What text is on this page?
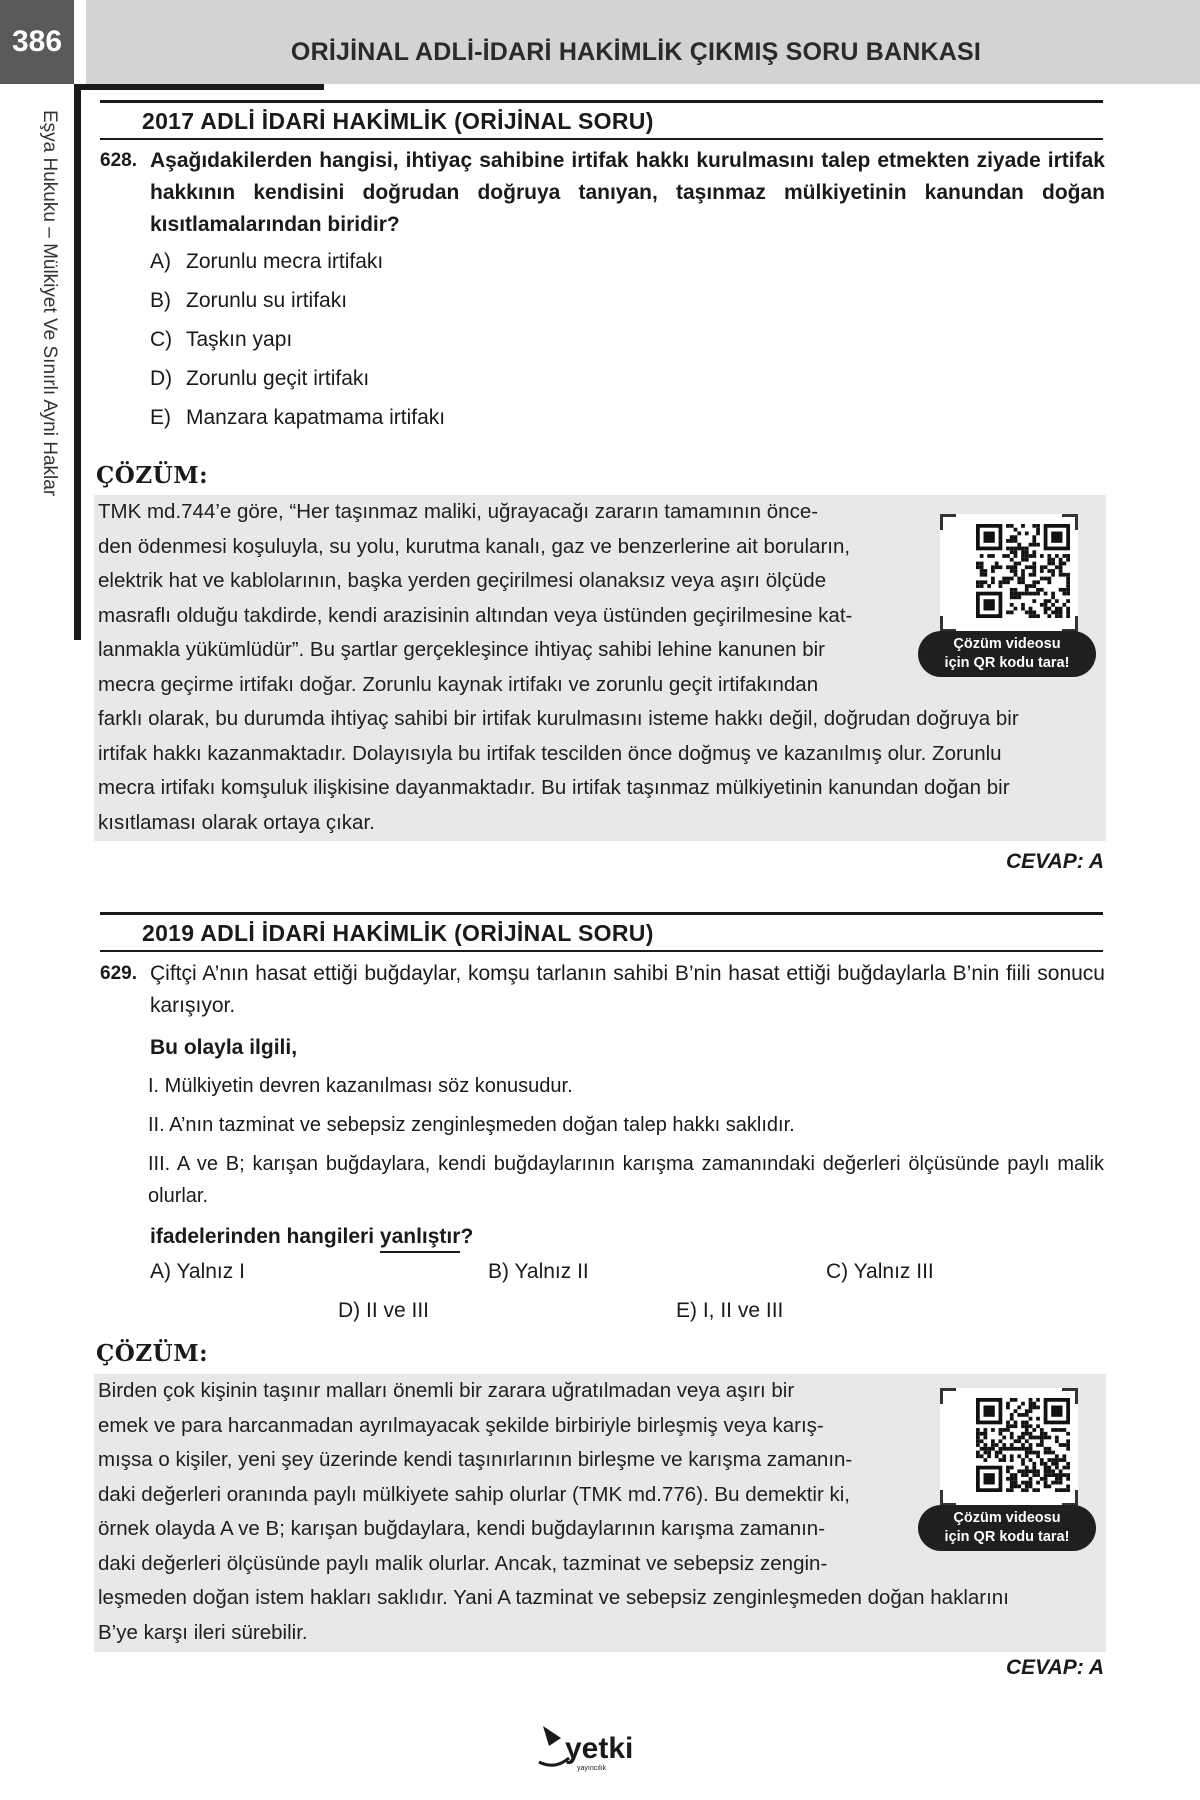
386	ORİJİNAL ADLİ-İDARİ HAKİMLİK ÇIKMIŞ SORU BANKASI
Eşya Hukuku – Mülkiyet Ve Sınırlı Ayni Haklar	2017 ADLİ İDARİ HAKİMLİK (ORİJİNAL SORU)
628. Aşağıdakilerden hangisi, ihtiyaç sahibine irtifak hakkı kurulmasını talep etmekten ziyade irtifak hakkının kendisini doğrudan doğruya tanıyan, taşınmaz mülkiyetinin kanundan doğan kısıtlamalarından biridir?
A) Zorunlu mecra irtifakı
B) Zorunlu su irtifakı
C) Taşkın yapı
D) Zorunlu geçit irtifakı
E) Manzara kapatmama irtifakı
ÇÖZÜM:
TMK md.744’e göre, “Her taşınmaz maliki, uğrayacağı zararın tamamının önce-
den ödenmesi koşuluyla, su yolu, kurutma kanalı, gaz ve benzerlerine ait boruların,
elektrik hat ve kablolarının, başka yerden geçirilmesi olanaksız veya aşırı ölçüde
masraflı olduğu takdirde, kendi arazisinin altından veya üstünden geçirilmesine kat-
lanmakla yükümlüdür”. Bu şartlar gerçekleşince ihtiyaç sahibi lehine kanunen bir
mecra geçirme irtifakı doğar. Zorunlu kaynak irtifakı ve zorunlu geçit irtifakından
farklı olarak, bu durumda ihtiyaç sahibi bir irtifak kurulmasını isteme hakkı değil, doğrudan doğruya bir
irtifak hakkı kazanmaktadır. Dolayısıyla bu irtifak tescilden önce doğmuş ve kazanılmış olur. Zorunlu
mecra irtifakı komşuluk ilişkisine dayanmaktadır. Bu irtifak taşınmaz mülkiyetinin kanundan doğan bir
kısıtlaması olarak ortaya çıkar.
Çözüm videosu
için QR kodu tara!
CEVAP: A
2019 ADLİ İDARİ HAKİMLİK (ORİJİNAL SORU)
629. Çiftçi A’nın hasat ettiği buğdaylar, komşu tarlanın sahibi B’nin hasat ettiği buğdaylarla B’nin fiili sonucu karışıyor.
Bu olayla ilgili,
I. Mülkiyetin devren kazanılması söz konusudur.
II. A’nın tazminat ve sebepsiz zenginleşmeden doğan talep hakkı saklıdır.
III. A ve B; karışan buğdaylara, kendi buğdaylarının karışma zamanındaki değerleri ölçüsünde paylı malik olurlar.
ifadelerinden hangileri yanlıştır?
A) Yalnız I	B) Yalnız II	C) Yalnız III
D) II ve III	E) I, II ve III
ÇÖZÜM:
Birden çok kişinin taşınır malları önemli bir zarara uğratılmadan veya aşırı bir
emek ve para harcanmadan ayrılmayacak şekilde birbiriyle birleşmiş veya karış-
mışsa o kişiler, yeni şey üzerinde kendi taşınırlarının birleşme ve karışma zamanın-
daki değerleri oranında paylı mülkiyete sahip olurlar (TMK md.776). Bu demektir ki,
örnek olayda A ve B; karışan buğdaylara, kendi buğdaylarının karışma zamanın-
daki değerleri ölçüsünde paylı malik olurlar. Ancak, tazminat ve sebepsiz zengin-
leşmeden doğan istem hakları saklıdır. Yani A tazminat ve sebepsiz zenginleşmeden doğan haklarını
B’ye karşı ileri sürebilir.
Çözüm videosu
için QR kodu tara!
CEVAP: A
yetki
yayıncılık
